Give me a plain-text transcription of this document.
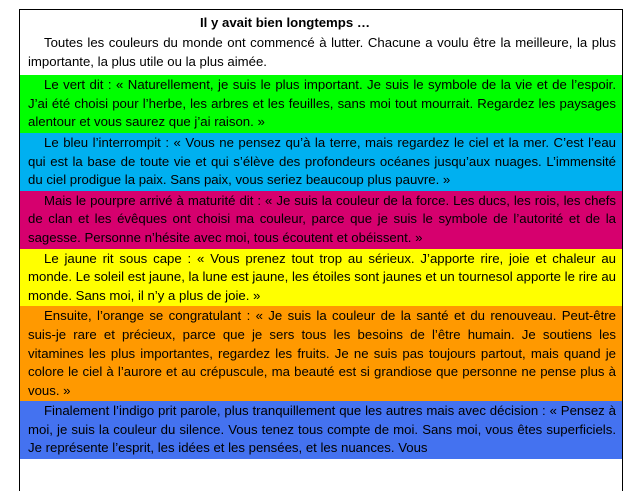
Il y avait bien longtemps …

Toutes les couleurs du monde ont commencé à lutter. Chacune a voulu être la meilleure, la plus importante, la plus utile ou la plus aimée.

Le vert dit : « Naturellement, je suis le plus important. Je suis le symbole de la vie et de l’espoir. J’ai été choisi pour l’herbe, les arbres et les feuilles, sans moi tout mourrait. Regardez les paysages alentour et vous saurez que j’ai raison. »

Le bleu l’interrompit : « Vous ne pensez qu’à la terre, mais regardez le ciel et la mer. C’est l’eau qui est la base de toute vie et qui s’élève des profondeurs océanes jusqu’aux nuages. L’immensité du ciel prodigue la paix. Sans paix, vous seriez beaucoup plus pauvre. »

Mais le pourpre arrivé à maturité dit : « Je suis la couleur de la force. Les ducs, les rois, les chefs de clan et les évêques ont choisi ma couleur, parce que je suis le symbole de l’autorité et de la sagesse. Personne n’hésite avec moi, tous écoutent et obéissent. »

Le jaune rit sous cape : « Vous prenez tout trop au sérieux. J’apporte rire, joie et chaleur au monde. Le soleil est jaune, la lune est jaune, les étoiles sont jaunes et un tournesol apporte le rire au monde. Sans moi, il n’y a plus de joie. »

Ensuite, l’orange se congratulant : « Je suis la couleur de la santé et du renouveau. Peut-être suis-je rare et précieux, parce que je sers tous les besoins de l’être humain. Je soutiens les vitamines les plus importantes, regardez les fruits. Je ne suis pas toujours partout, mais quand je colore le ciel à l’aurore et au crépuscule, ma beauté est si grandiose que personne ne pense plus à vous. »

Finalement l’indigo prit parole, plus tranquillement que les autres mais avec décision : « Pensez à moi, je suis la couleur du silence. Vous tenez tous compte de moi. Sans moi, vous êtes superficiels. Je représente l’esprit, les idées et les pensées, et les nuances. Vous
